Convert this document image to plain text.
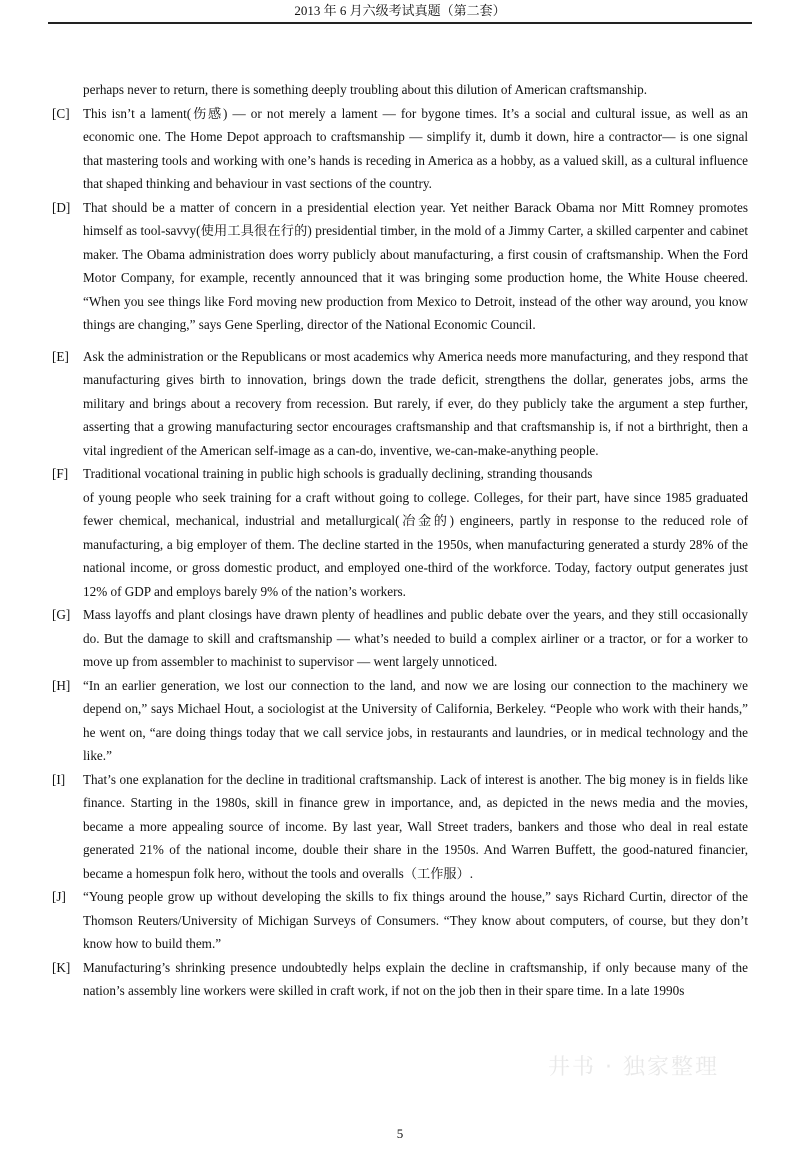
2013 年 6 月六级考试真题（第二套）
perhaps never to return, there is something deeply troubling about this dilution of American craftsmanship.
[C] This isn’t a lament(伤感) — or not merely a lament — for bygone times. It’s a social and cultural issue, as well as an economic one. The Home Depot approach to craftsmanship — simplify it, dumb it down, hire a contractor— is one signal that mastering tools and working with one’s hands is receding in America as a hobby, as a valued skill, as a cultural influence that shaped thinking and behaviour in vast sections of the country.
[D] That should be a matter of concern in a presidential election year. Yet neither Barack Obama nor Mitt Romney promotes himself as tool-savvy(使用工具很在行的) presidential timber, in the mold of a Jimmy Carter, a skilled carpenter and cabinet maker. The Obama administration does worry publicly about manufacturing, a first cousin of craftsmanship. When the Ford Motor Company, for example, recently announced that it was bringing some production home, the White House cheered. “When you see things like Ford moving new production from Mexico to Detroit, instead of the other way around, you know things are changing,” says Gene Sperling, director of the National Economic Council.
[E] Ask the administration or the Republicans or most academics why America needs more manufacturing, and they respond that manufacturing gives birth to innovation, brings down the trade deficit, strengthens the dollar, generates jobs, arms the military and brings about a recovery from recession. But rarely, if ever, do they publicly take the argument a step further, asserting that a growing manufacturing sector encourages craftsmanship and that craftsmanship is, if not a birthright, then a vital ingredient of the American self-image as a can-do, inventive, we-can-make-anything people.
[F] Traditional vocational training in public high schools is gradually declining, stranding thousands
of young people who seek training for a craft without going to college. Colleges, for their part, have since 1985 graduated fewer chemical, mechanical, industrial and metallurgical(冶金的) engineers, partly in response to the reduced role of manufacturing, a big employer of them. The decline started in the 1950s, when manufacturing generated a sturdy 28% of the national income, or gross domestic product, and employed one-third of the workforce. Today, factory output generates just 12% of GDP and employs barely 9% of the nation’s workers.
[G] Mass layoffs and plant closings have drawn plenty of headlines and public debate over the years, and they still occasionally do. But the damage to skill and craftsmanship — what’s needed to build a complex airliner or a tractor, or for a worker to move up from assembler to machinist to supervisor — went largely unnoticed.
[H] “In an earlier generation, we lost our connection to the land, and now we are losing our connection to the machinery we depend on,” says Michael Hout, a sociologist at the University of California, Berkeley. “People who work with their hands,” he went on, “are doing things today that we call service jobs, in restaurants and laundries, or in medical technology and the like.”
[I] That’s one explanation for the decline in traditional craftsmanship. Lack of interest is another. The big money is in fields like finance. Starting in the 1980s, skill in finance grew in importance, and, as depicted in the news media and the movies, became a more appealing source of income. By last year, Wall Street traders, bankers and those who deal in real estate generated 21% of the national income, double their share in the 1950s. And Warren Buffett, the good-natured financier, became a homespun folk hero, without the tools and overalls（工作服）.
[J] “Young people grow up without developing the skills to fix things around the house,” says Richard Curtin, director of the Thomson Reuters/University of Michigan Surveys of Consumers. “They know about computers, of course, but they don’t know how to build them.”
[K] Manufacturing’s shrinking presence undoubtedly helps explain the decline in craftsmanship, if only because many of the nation’s assembly line workers were skilled in craft work, if not on the job then in their spare time. In a late 1990s
井书 · 独家整理
5
